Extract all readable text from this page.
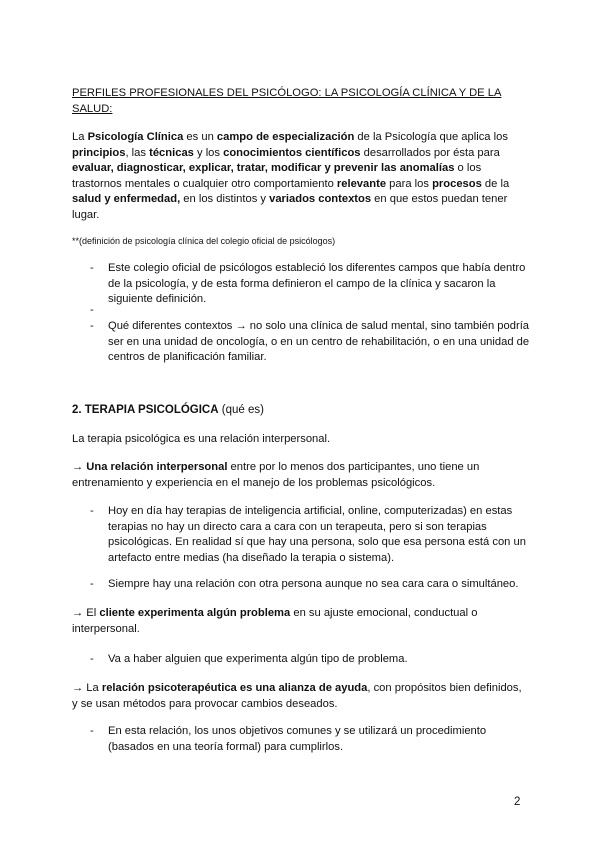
PERFILES PROFESIONALES DEL PSICÓLOGO: LA PSICOLOGÍA CLÍNICA Y DE LA SALUD:

La Psicología Clínica es un campo de especialización de la Psicología que aplica los principios, las técnicas y los conocimientos científicos desarrollados por ésta para evaluar, diagnosticar, explicar, tratar, modificar y prevenir las anomalías o los trastornos mentales o cualquier otro comportamiento relevante para los procesos de la salud y enfermedad, en los distintos y variados contextos en que estos puedan tener lugar.

**(definición de psicología clínica del colegio oficial de psicólogos)

-	Este colegio oficial de psicólogos estableció los diferentes campos que había dentro de la psicología, y de esta forma definieron el campo de la clínica y sacaron la siguiente definición.
-
-	Qué diferentes contextos → no solo una clínica de salud mental, sino también podría ser en una unidad de oncología, o en un centro de rehabilitación, o en una unidad de centros de planificación familiar.

2. TERAPIA PSICOLÓGICA (qué es)

La terapia psicológica es una relación interpersonal.

→ Una relación interpersonal entre por lo menos dos participantes, uno tiene un entrenamiento y experiencia en el manejo de los problemas psicológicos.

-	Hoy en día hay terapias de inteligencia artificial, online, computerizadas) en estas terapias no hay un directo cara a cara con un terapeuta, pero si son terapias psicológicas. En realidad sí que hay una persona, solo que esa persona está con un artefacto entre medias (ha diseñado la terapia o sistema).
-	Siempre hay una relación con otra persona aunque no sea cara cara o simultáneo.

→ El cliente experimenta algún problema en su ajuste emocional, conductual o interpersonal.

-	Va a haber alguien que experimenta algún tipo de problema.

→ La relación psicoterapéutica es una alianza de ayuda, con propósitos bien definidos, y se usan métodos para provocar cambios deseados.

-	En esta relación, los unos objetivos comunes y se utilizará un procedimiento (basados en una teoría formal) para cumplirlos.
2
